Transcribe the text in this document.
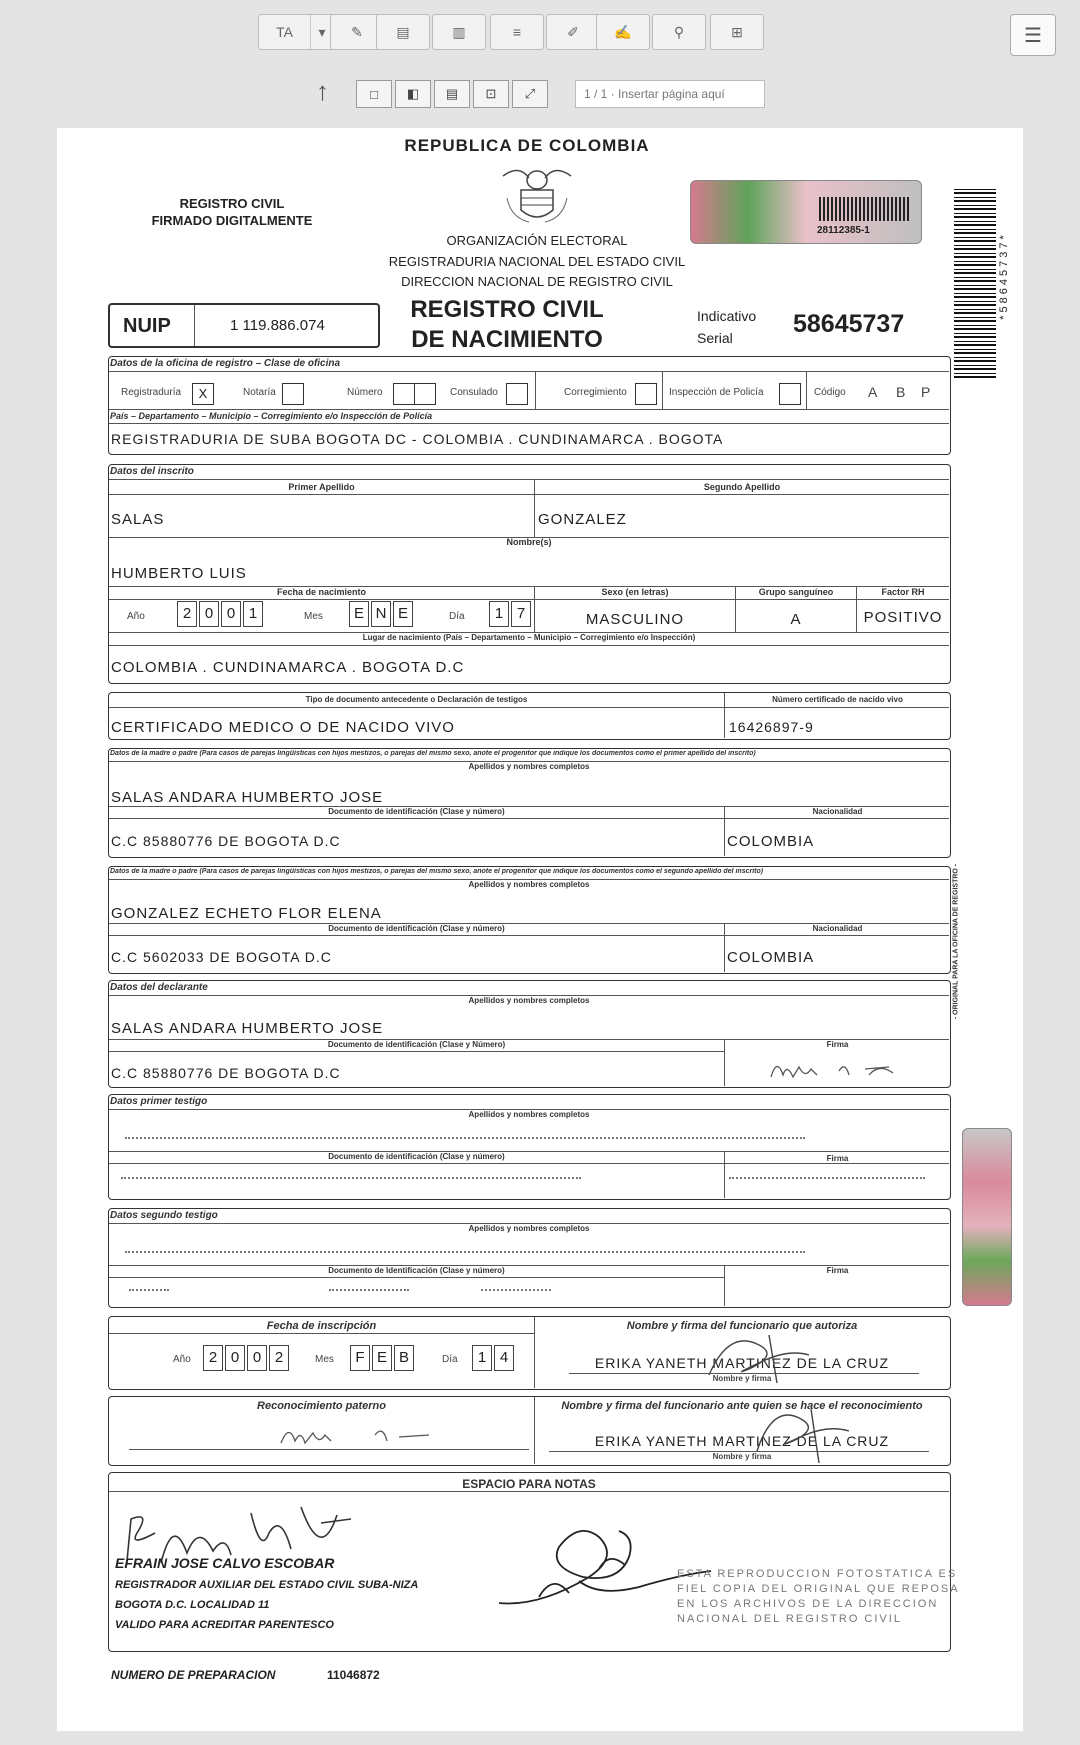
TA	▾	✎	▤	▥	≡	✐	✍	⚲	⊞	☰
↑	□	◧	▤	⊡	⤢	1 / 1 · Insertar página aquí
REPUBLICA DE COLOMBIA
REGISTRO CIVIL
FIRMADO DIGITALMENTE
ORGANIZACIÓN ELECTORAL
REGISTRADURIA NACIONAL DEL ESTADO CIVIL
DIRECCION NACIONAL DE REGISTRO CIVIL
28112385-1
*58645737*
NUIP	1 119.886.074
REGISTRO CIVIL
DE NACIMIENTO
Indicativo
Serial 58645737
Datos de la oficina de registro – Clase de oficina
Registraduría	X	Notaría	Número	Consulado	Corregimiento	Inspección de Policía	Código A B P
País – Departamento – Municipio – Corregimiento e/o Inspección de Policía
REGISTRADURIA DE SUBA BOGOTA DC - COLOMBIA . CUNDINAMARCA . BOGOTA
Datos del inscrito
Primer Apellido	Segundo Apellido
SALAS	GONZALEZ
Nombre(s)
HUMBERTO LUIS
Fecha de nacimiento	Sexo (en letras)	Grupo sanguíneo	Factor RH
Año	2 0 0 1	Mes	E N E	Día	1 7	MASCULINO	A	POSITIVO
Lugar de nacimiento (País – Departamento – Municipio – Corregimiento e/o Inspección)
COLOMBIA . CUNDINAMARCA . BOGOTA D.C
Tipo de documento antecedente o Declaración de testigos	Número certificado de nacido vivo
CERTIFICADO MEDICO O DE NACIDO VIVO	16426897-9
Datos de la madre o padre (Para casos de parejas lingüísticas con hijos mestizos, o parejas del mismo sexo, anote el progenitor que indique los documentos como el primer apellido del inscrito)
Apellidos y nombres completos
SALAS ANDARA HUMBERTO JOSE
Documento de identificación (Clase y número)	Nacionalidad
C.C 85880776 DE BOGOTA D.C	COLOMBIA
Datos de la madre o padre (Para casos de parejas lingüísticas con hijos mestizos, o parejas del mismo sexo, anote el progenitor que indique los documentos como el segundo apellido del inscrito)
Apellidos y nombres completos
GONZALEZ ECHETO FLOR ELENA
Documento de identificación (Clase y número)	Nacionalidad
C.C 5602033 DE BOGOTA D.C	COLOMBIA
Datos del declarante
Apellidos y nombres completos
SALAS ANDARA HUMBERTO JOSE
Documento de identificación (Clase y Número)	Firma
C.C 85880776 DE BOGOTA D.C
Datos primer testigo
Apellidos y nombres completos
Documento de identificación (Clase y número)	Firma
Datos segundo testigo
Apellidos y nombres completos
Documento de Identificación (Clase y número)	Firma
- ORIGINAL PARA LA OFICINA DE REGISTRO -
Fecha de inscripción
Año	2 0 0 2	Mes	F E B	Día	1 4
Nombre y firma del funcionario que autoriza
ERIKA YANETH MARTINEZ DE LA CRUZ
Nombre y firma
Reconocimiento paterno	Nombre y firma del funcionario ante quien se hace el reconocimiento
ERIKA YANETH MARTINEZ DE LA CRUZ
Nombre y firma
ESPACIO PARA NOTAS
EFRAIN JOSE CALVO ESCOBAR
REGISTRADOR AUXILIAR DEL ESTADO CIVIL SUBA-NIZA
BOGOTA D.C. LOCALIDAD 11
VALIDO PARA ACREDITAR PARENTESCO
ESTA REPRODUCCION FOTOSTATICA ES
FIEL COPIA DEL ORIGINAL QUE REPOSA
EN LOS ARCHIVOS DE LA DIRECCION
NACIONAL DEL REGISTRO CIVIL
NUMERO DE PREPARACION	11046872
